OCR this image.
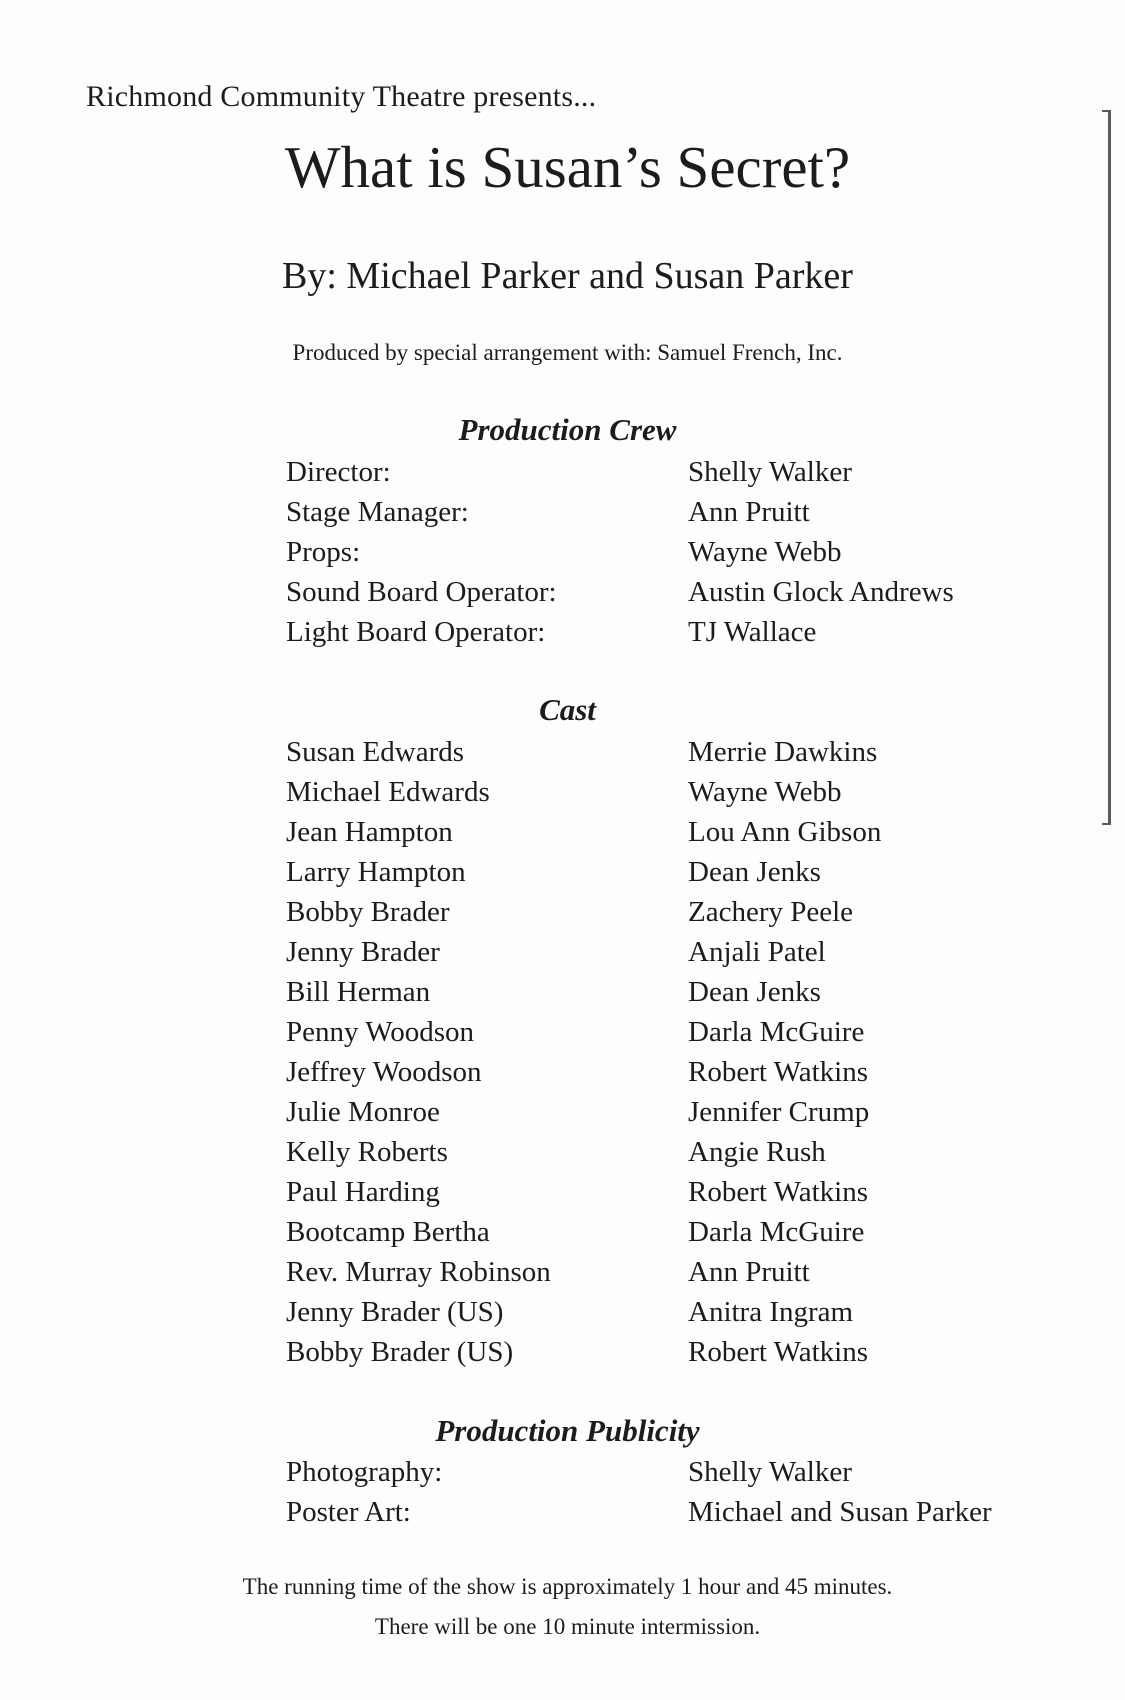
Richmond Community Theatre presents...
What is Susan’s Secret?
By: Michael Parker and Susan Parker
Produced by special arrangement with: Samuel French, Inc.
Production Crew
Director:	Shelly Walker
Stage Manager:	Ann Pruitt
Props:	Wayne Webb
Sound Board Operator:	Austin Glock Andrews
Light Board Operator:	TJ Wallace
Cast
Susan Edwards	Merrie Dawkins
Michael Edwards	Wayne Webb
Jean Hampton	Lou Ann Gibson
Larry Hampton	Dean Jenks
Bobby Brader	Zachery Peele
Jenny Brader	Anjali Patel
Bill Herman	Dean Jenks
Penny Woodson	Darla McGuire
Jeffrey Woodson	Robert Watkins
Julie Monroe	Jennifer Crump
Kelly Roberts	Angie Rush
Paul Harding	Robert Watkins
Bootcamp Bertha	Darla McGuire
Rev. Murray Robinson	Ann Pruitt
Jenny Brader (US)	Anitra Ingram
Bobby Brader (US)	Robert Watkins
Production Publicity
Photography:	Shelly Walker
Poster Art:	Michael and Susan Parker
The running time of the show is approximately 1 hour and 45 minutes.
There will be one 10 minute intermission.
